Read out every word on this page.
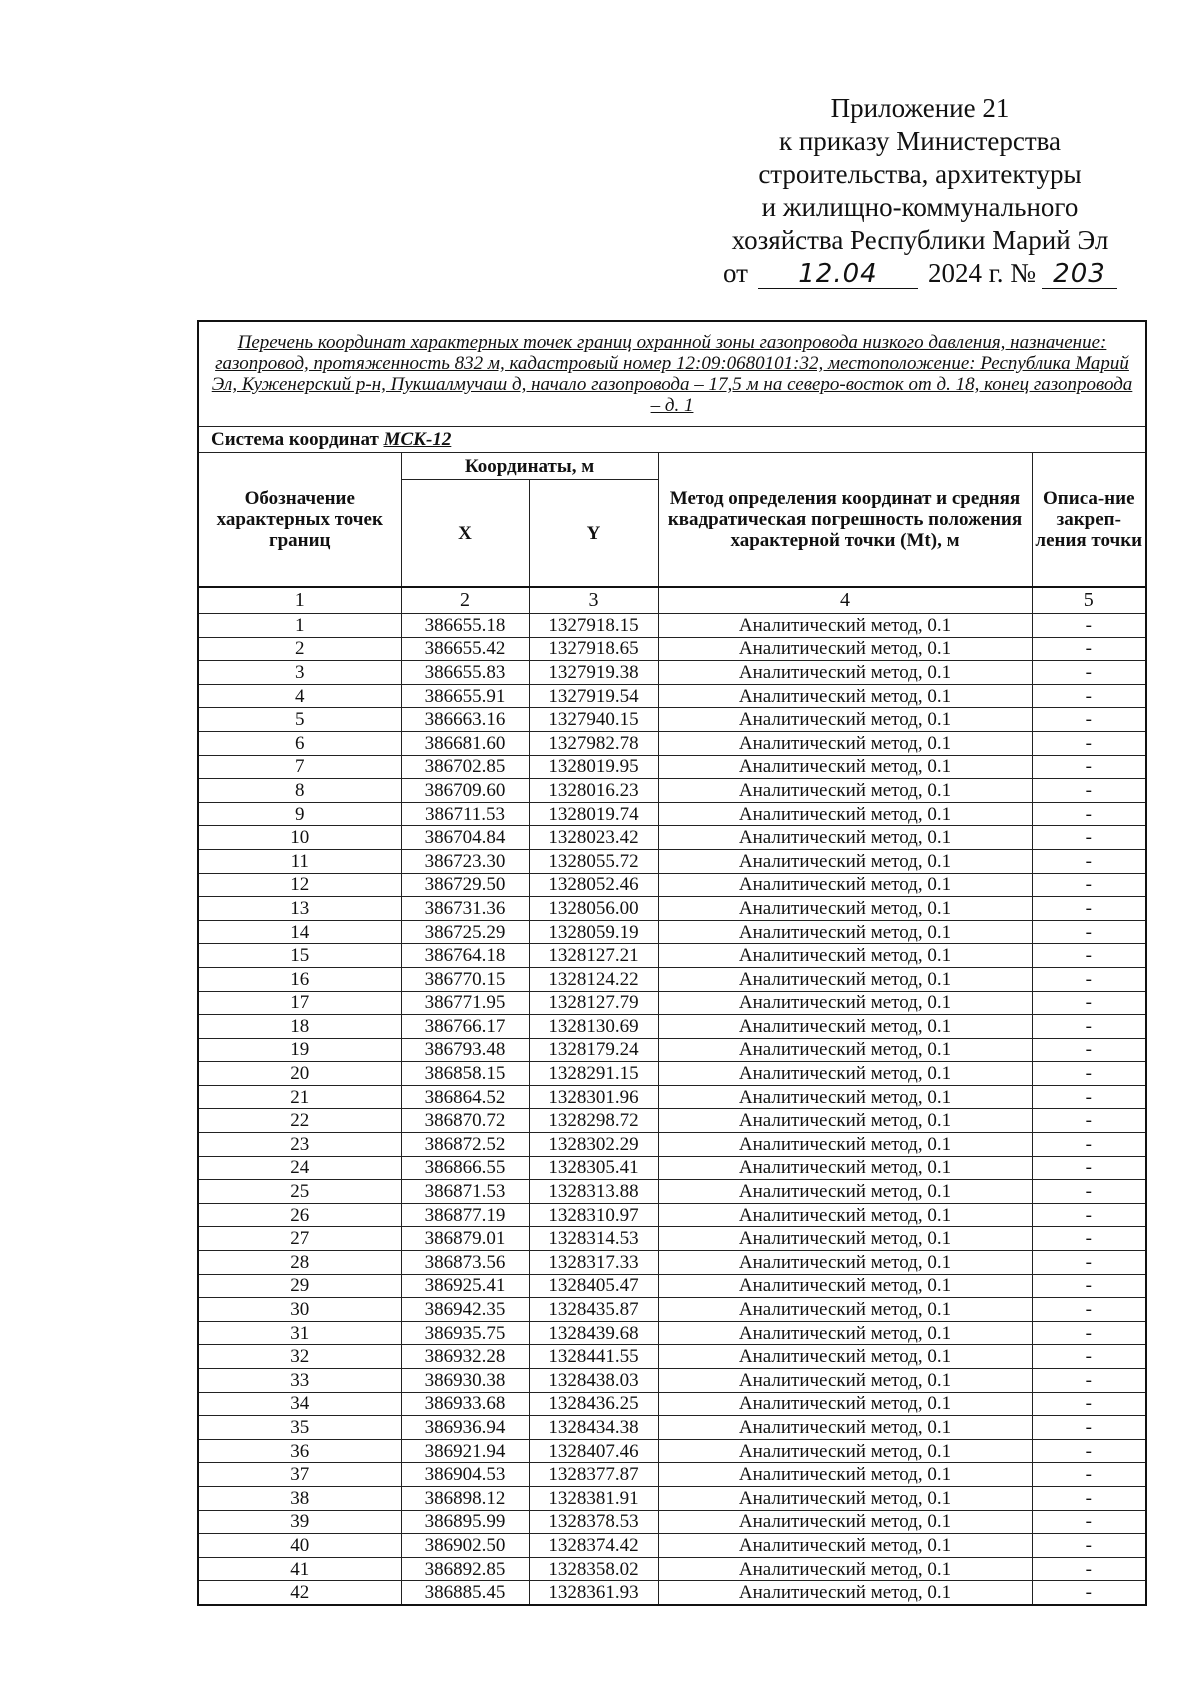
Приложение 21
к приказу Министерства
строительства, архитектуры
и жилищно-коммунального
хозяйства Республики Марий Эл
от 12.04 2024 г. № 203
Перечень координат характерных точек границ охранной зоны газопровода низкого давления, назначение: газопровод, протяженность 832 м, кадастровый номер 12:09:0680101:32, местоположение: Республика Марий Эл, Куженерский р-н, Пукшалмучаш д, начало газопровода – 17,5 м на северо-восток от д. 18, конец газопровода – д. 1				
Система координат МСК-12				
Обозначение характерных точек границ	Координаты, м		Метод определения координат и средняя квадратическая погрешность положения характерной точки (Mt), м	Описа-ние закреп-ления точки
	X	Y		
1	2	3	4	5
1	386655.18	1327918.15	Аналитический метод, 0.1	-
2	386655.42	1327918.65	Аналитический метод, 0.1	-
3	386655.83	1327919.38	Аналитический метод, 0.1	-
4	386655.91	1327919.54	Аналитический метод, 0.1	-
5	386663.16	1327940.15	Аналитический метод, 0.1	-
6	386681.60	1327982.78	Аналитический метод, 0.1	-
7	386702.85	1328019.95	Аналитический метод, 0.1	-
8	386709.60	1328016.23	Аналитический метод, 0.1	-
9	386711.53	1328019.74	Аналитический метод, 0.1	-
10	386704.84	1328023.42	Аналитический метод, 0.1	-
11	386723.30	1328055.72	Аналитический метод, 0.1	-
12	386729.50	1328052.46	Аналитический метод, 0.1	-
13	386731.36	1328056.00	Аналитический метод, 0.1	-
14	386725.29	1328059.19	Аналитический метод, 0.1	-
15	386764.18	1328127.21	Аналитический метод, 0.1	-
16	386770.15	1328124.22	Аналитический метод, 0.1	-
17	386771.95	1328127.79	Аналитический метод, 0.1	-
18	386766.17	1328130.69	Аналитический метод, 0.1	-
19	386793.48	1328179.24	Аналитический метод, 0.1	-
20	386858.15	1328291.15	Аналитический метод, 0.1	-
21	386864.52	1328301.96	Аналитический метод, 0.1	-
22	386870.72	1328298.72	Аналитический метод, 0.1	-
23	386872.52	1328302.29	Аналитический метод, 0.1	-
24	386866.55	1328305.41	Аналитический метод, 0.1	-
25	386871.53	1328313.88	Аналитический метод, 0.1	-
26	386877.19	1328310.97	Аналитический метод, 0.1	-
27	386879.01	1328314.53	Аналитический метод, 0.1	-
28	386873.56	1328317.33	Аналитический метод, 0.1	-
29	386925.41	1328405.47	Аналитический метод, 0.1	-
30	386942.35	1328435.87	Аналитический метод, 0.1	-
31	386935.75	1328439.68	Аналитический метод, 0.1	-
32	386932.28	1328441.55	Аналитический метод, 0.1	-
33	386930.38	1328438.03	Аналитический метод, 0.1	-
34	386933.68	1328436.25	Аналитический метод, 0.1	-
35	386936.94	1328434.38	Аналитический метод, 0.1	-
36	386921.94	1328407.46	Аналитический метод, 0.1	-
37	386904.53	1328377.87	Аналитический метод, 0.1	-
38	386898.12	1328381.91	Аналитический метод, 0.1	-
39	386895.99	1328378.53	Аналитический метод, 0.1	-
40	386902.50	1328374.42	Аналитический метод, 0.1	-
41	386892.85	1328358.02	Аналитический метод, 0.1	-
42	386885.45	1328361.93	Аналитический метод, 0.1	-
